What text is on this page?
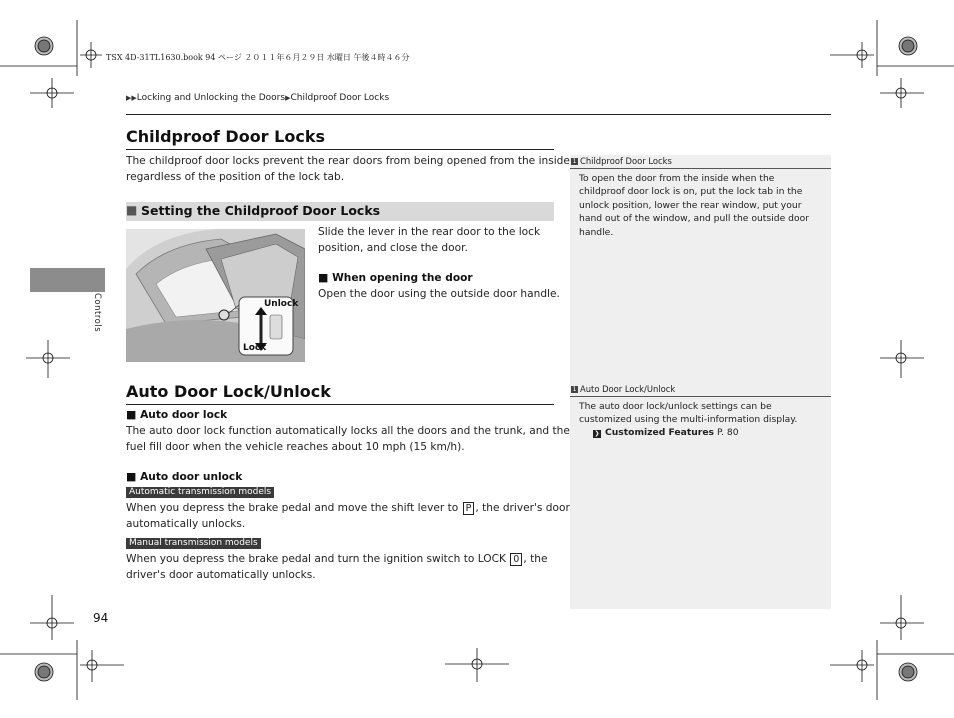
TSX 4D-31TL1630.book 94 ページ ２０１１年６月２９日 水曜日 午後４時４６分
▶▶Locking and Unlocking the Doors▶Childproof Door Locks
Controls
Childproof Door Locks
The childproof door locks prevent the rear doors from being opened from the inside
regardless of the position of the lock tab.
■ Setting the Childproof Door Locks
Unlock
Lock
Slide the lever in the rear door to the lock
position, and close the door.
■ When opening the door
Open the door using the outside door handle.
Auto Door Lock/Unlock
■ Auto door lock
The auto door lock function automatically locks all the doors and the trunk, and the
fuel fill door when the vehicle reaches about 10 mph (15 km/h).
■ Auto door unlock
Automatic transmission models
When you depress the brake pedal and move the shift lever to P , the driver's door
automatically unlocks.
Manual transmission models
When you depress the brake pedal and turn the ignition switch to LOCK 0 , the
driver's door automatically unlocks.
1 Childproof Door Locks
To open the door from the inside when the
childproof door lock is on, put the lock tab in the
unlock position, lower the rear window, put your
hand out of the window, and pull the outside door
handle.
1 Auto Door Lock/Unlock
The auto door lock/unlock settings can be
customized using the multi-information display.
❯ Customized Features P. 80
94
